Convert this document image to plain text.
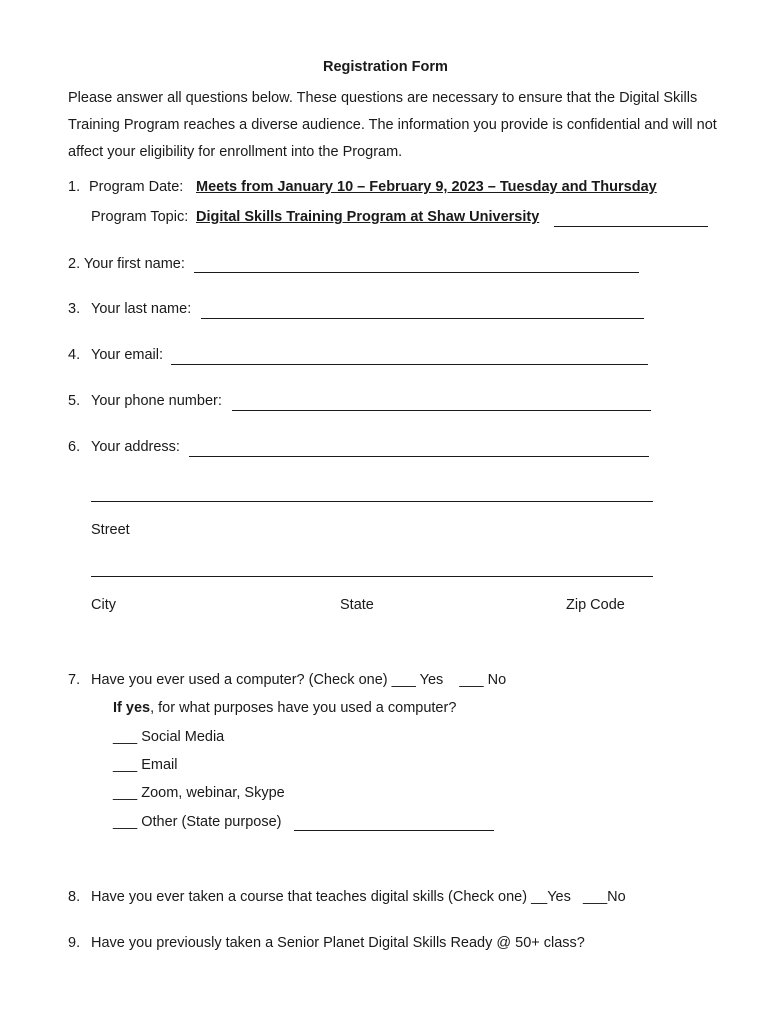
Registration Form
Please answer all questions below. These questions are necessary to ensure that the Digital Skills Training Program reaches a diverse audience. The information you provide is confidential and will not affect your eligibility for enrollment into the Program.
1. Program Date: Meets from January 10 – February 9, 2023 – Tuesday and Thursday
Program Topic: Digital Skills Training Program at Shaw University
2. Your first name:
3. Your last name:
4. Your email:
5. Your phone number:
6. Your address:
Street
City	State	Zip Code
7. Have you ever used a computer? (Check one) ___ Yes ___ No
If yes, for what purposes have you used a computer?
___ Social Media
___ Email
___ Zoom, webinar, Skype
___ Other (State purpose)
8. Have you ever taken a course that teaches digital skills (Check one) __Yes ___No
9. Have you previously taken a Senior Planet Digital Skills Ready @ 50+ class?
